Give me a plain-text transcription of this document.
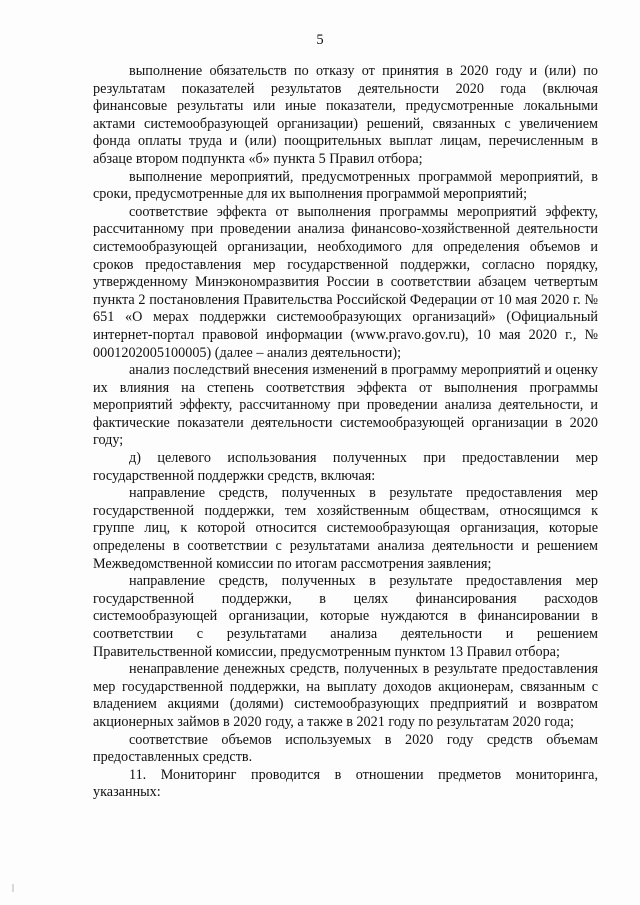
5

выполнение обязательств по отказу от принятия в 2020 году и (или) по результатам показателей результатов деятельности 2020 года (включая финансовые результаты или иные показатели, предусмотренные локальными актами системообразующей организации) решений, связанных с увеличением фонда оплаты труда и (или) поощрительных выплат лицам, перечисленным в абзаце втором подпункта «б» пункта 5 Правил отбора;

выполнение мероприятий, предусмотренных программой мероприятий, в сроки, предусмотренные для их выполнения программой мероприятий;

соответствие эффекта от выполнения программы мероприятий эффекту, рассчитанному при проведении анализа финансово-хозяйственной деятельности системообразующей организации, необходимого для определения объемов и сроков предоставления мер государственной поддержки, согласно порядку, утвержденному Минэкономразвития России в соответствии абзацем четвертым пункта 2 постановления Правительства Российской Федерации от 10 мая 2020 г. № 651 «О мерах поддержки системообразующих организаций» (Официальный интернет-портал правовой информации (www.pravo.gov.ru), 10 мая 2020 г., № 0001202005100005) (далее – анализ деятельности);

анализ последствий внесения изменений в программу мероприятий и оценку их влияния на степень соответствия эффекта от выполнения программы мероприятий эффекту, рассчитанному при проведении анализа деятельности, и фактические показатели деятельности системообразующей организации в 2020 году;

д) целевого использования полученных при предоставлении мер государственной поддержки средств, включая:

направление средств, полученных в результате предоставления мер государственной поддержки, тем хозяйственным обществам, относящимся к группе лиц, к которой относится системообразующая организация, которые определены в соответствии с результатами анализа деятельности и решением Межведомственной комиссии по итогам рассмотрения заявления;

направление средств, полученных в результате предоставления мер государственной поддержки, в целях финансирования расходов системообразующей организации, которые нуждаются в финансировании в соответствии с результатами анализа деятельности и решением Правительственной комиссии, предусмотренным пунктом 13 Правил отбора;

ненаправление денежных средств, полученных в результате предоставления мер государственной поддержки, на выплату доходов акционерам, связанным с владением акциями (долями) системообразующих предприятий и возвратом акционерных займов в 2020 году, а также в 2021 году по результатам 2020 года;

соответствие объемов используемых в 2020 году средств объемам предоставленных средств.

11. Мониторинг проводится в отношении предметов мониторинга, указанных:
